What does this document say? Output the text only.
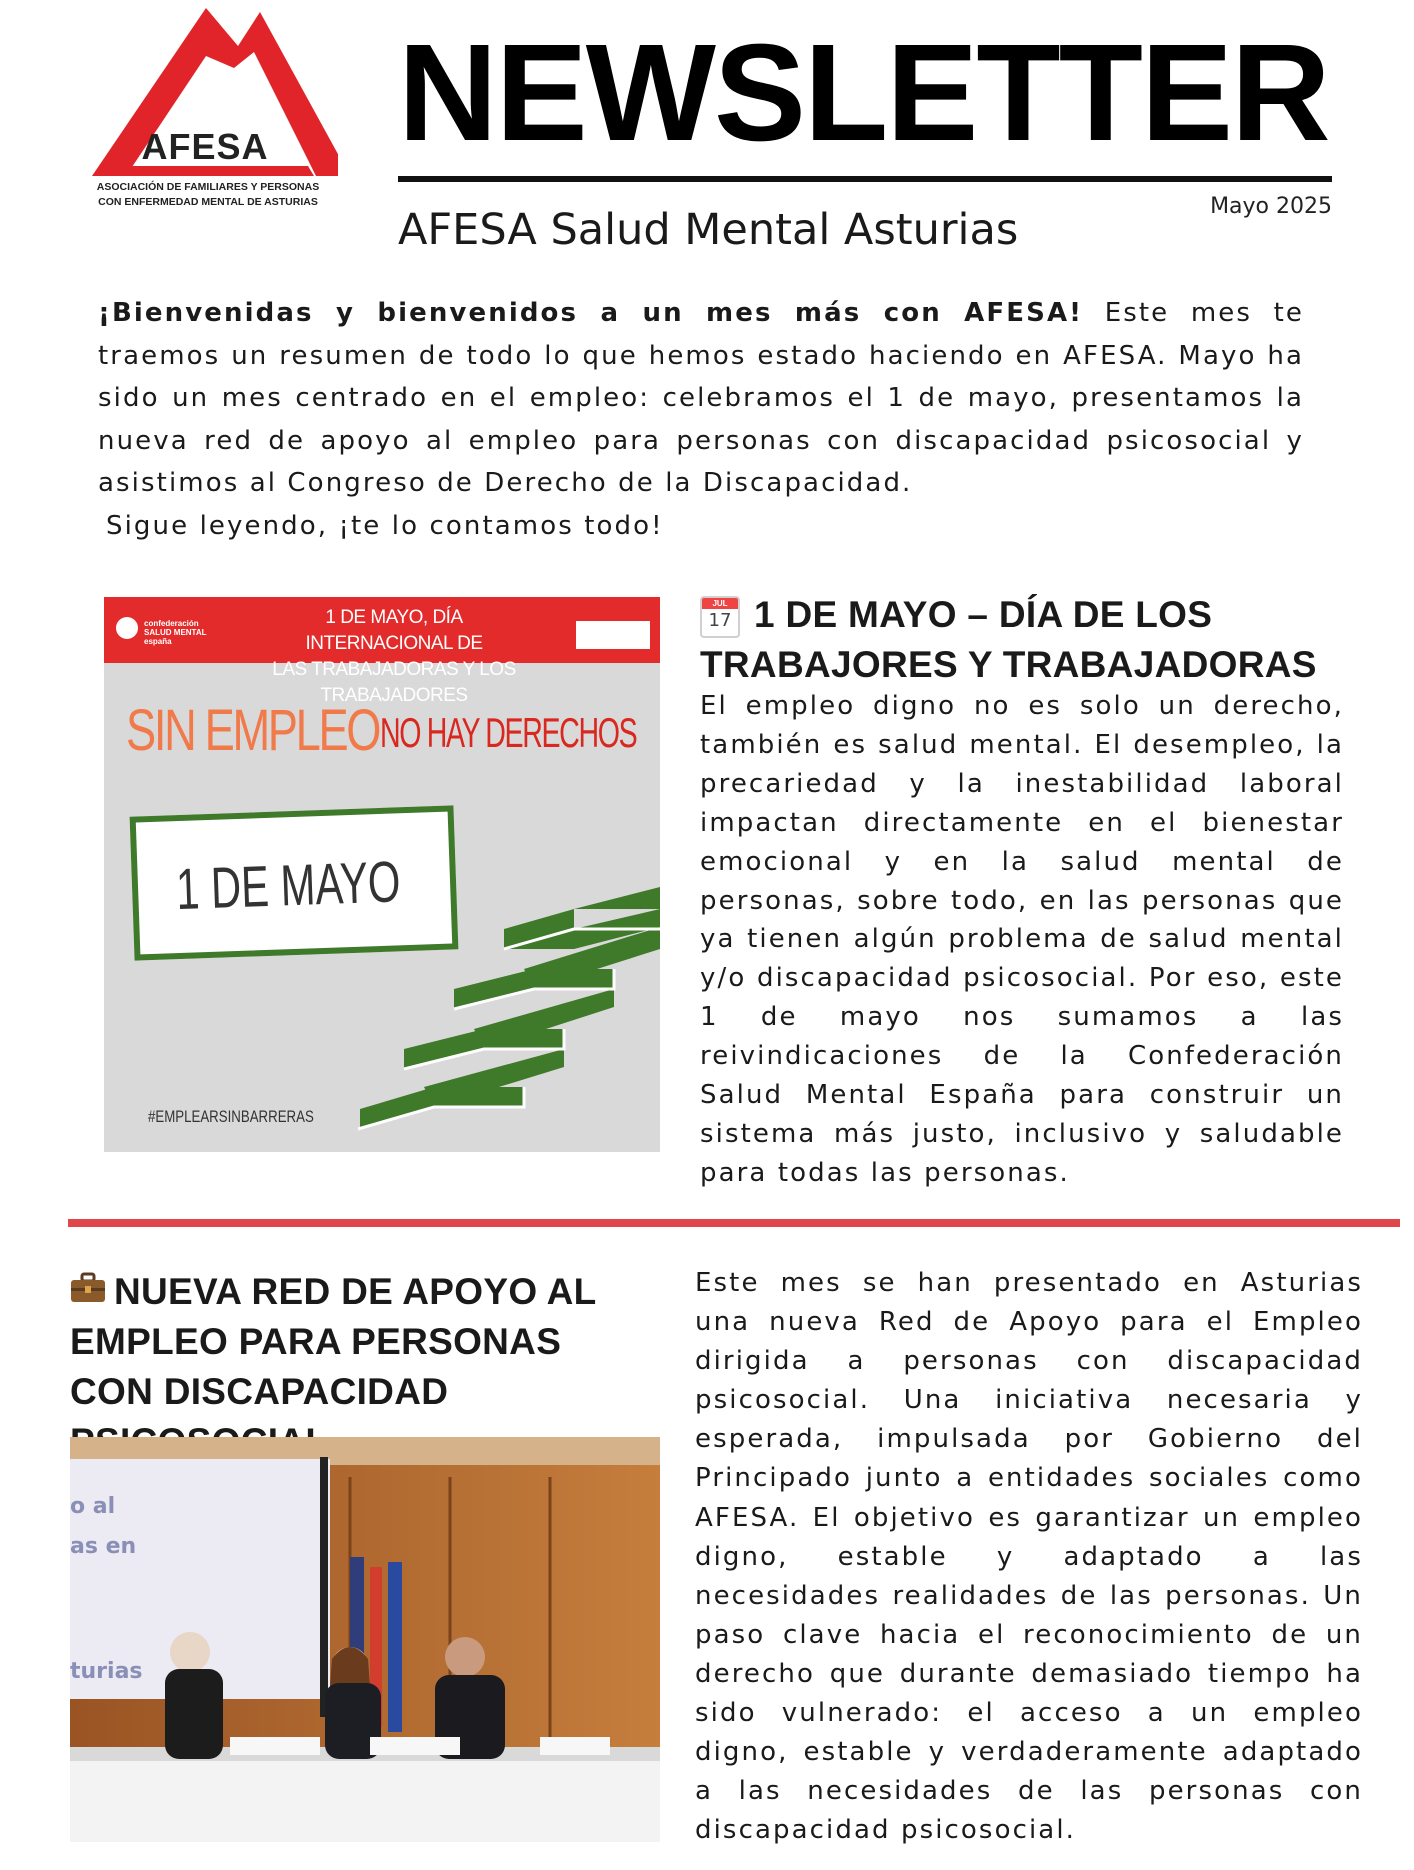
AFESA
ASOCIACIÓN DE FAMILIARES Y PERSONAS
CON ENFERMEDAD MENTAL DE ASTURIAS
NEWSLETTER
AFESA Salud Mental Asturias	Mayo 2025
¡Bienvenidas y bienvenidos a un mes más con AFESA! Este mes te traemos un resumen de todo lo que hemos estado haciendo en AFESA. Mayo ha sido un mes centrado en el empleo: celebramos el 1 de mayo, presentamos la nueva red de apoyo al empleo para personas con discapacidad psicosocial y asistimos al Congreso de Derecho de la Discapacidad.
Sigue leyendo, ¡te lo contamos todo!
confederación SALUD MENTAL españa
1 DE MAYO, DÍA INTERNACIONAL DE
LAS TRABAJADORAS Y LOS TRABAJADORES
SIN EMPLEO NO HAY DERECHOS
1 DE MAYO
#EMPLEARSINBARRERAS
JUL
17 1 DE MAYO – DÍA DE LOS TRABAJORES Y TRABAJADORAS
El empleo digno no es solo un derecho, también es salud mental. El desempleo, la precariedad y la inestabilidad laboral impactan directamente en el bienestar emocional y en la salud mental de personas, sobre todo, en las personas que ya tienen algún problema de salud mental y/o discapacidad psicosocial. Por eso, este 1 de mayo nos sumamos a las reivindicaciones de la Confederación Salud Mental España para construir un sistema más justo, inclusivo y saludable para todas las personas.
NUEVA RED DE APOYO AL EMPLEO PARA PERSONAS CON DISCAPACIDAD
o al
as en
turias
Este mes se han presentado en Asturias una nueva Red de Apoyo para el Empleo dirigida a personas con discapacidad psicosocial. Una iniciativa necesaria y esperada, impulsada por Gobierno del Principado junto a entidades sociales como AFESA. El objetivo es garantizar un empleo digno, estable y adaptado a las necesidades realidades de las personas. Un paso clave hacia el reconocimiento de un derecho que durante demasiado tiempo ha sido vulnerado: el acceso a un empleo digno, estable y verdaderamente adaptado a las necesidades de las personas con discapacidad psicosocial.
